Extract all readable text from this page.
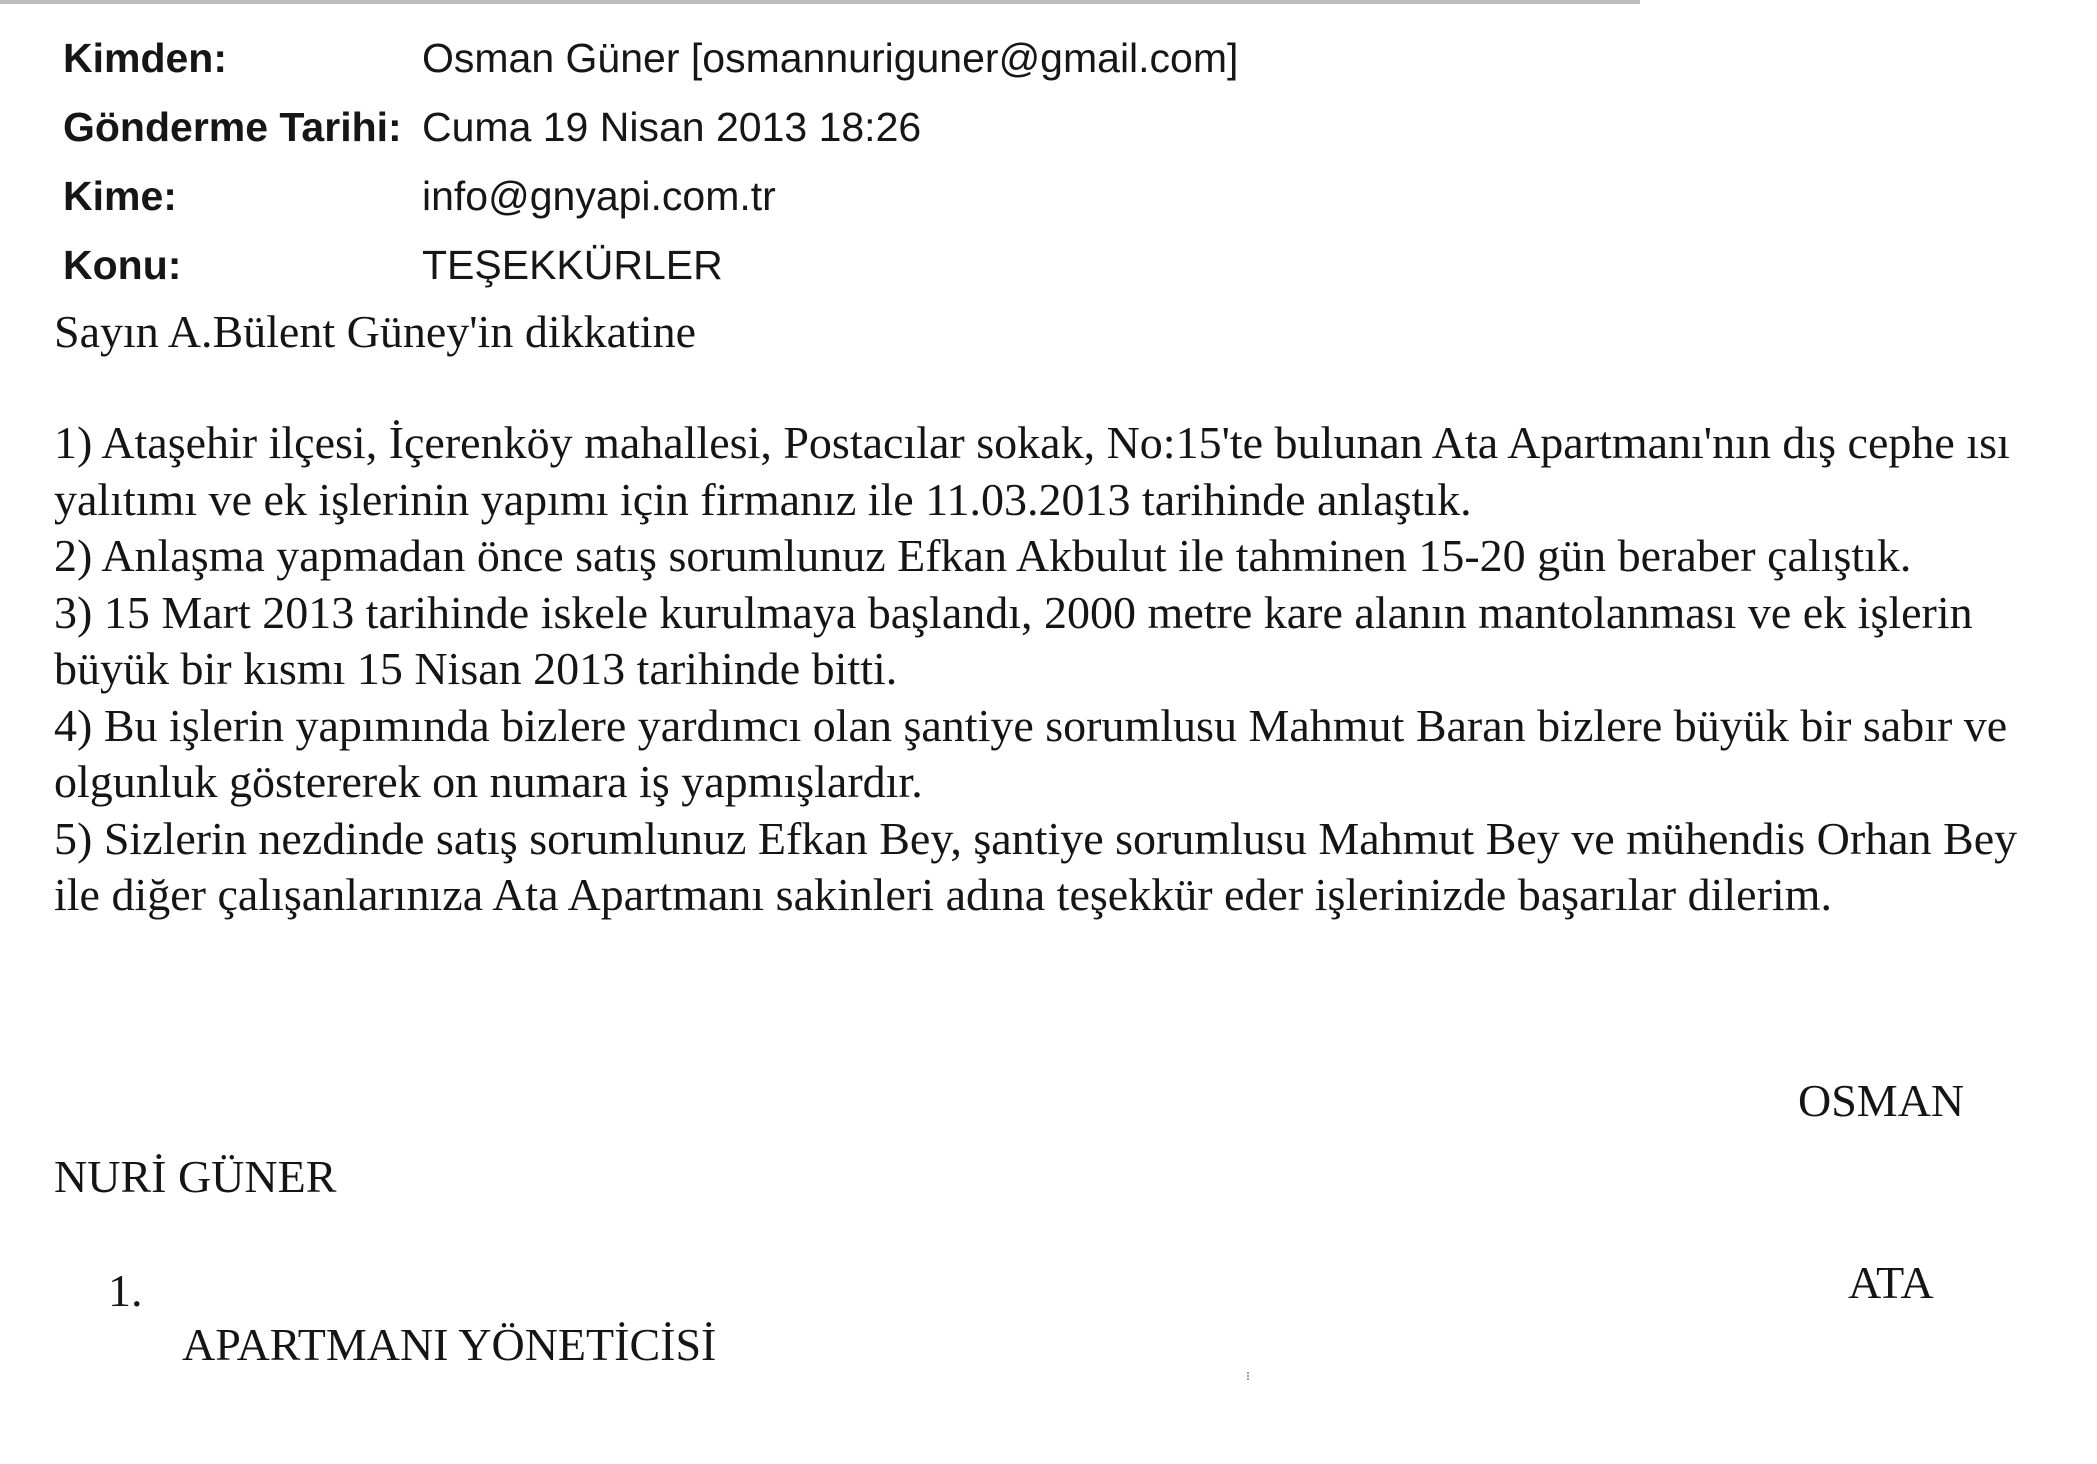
Kimden:	Osman Güner [osmannuriguner@gmail.com]
Gönderme Tarihi: Cuma 19 Nisan 2013 18:26
Kime:	info@gnyapi.com.tr
Konu:	TEŞEKKÜRLER
Sayın A.Bülent Güney'in dikkatine

1) Ataşehir ilçesi, İçerenköy mahallesi, Postacılar sokak, No:15'te bulunan Ata Apartmanı'nın dış cephe ısı yalıtımı ve ek işlerinin yapımı için firmanız ile 11.03.2013 tarihinde anlaştık.

2) Anlaşma yapmadan önce satış sorumlunuz Efkan Akbulut ile tahminen 15-20 gün beraber çalıştık.

3) 15 Mart 2013 tarihinde iskele kurulmaya başlandı, 2000 metre kare alanın mantolanması ve ek işlerin büyük bir kısmı 15 Nisan 2013 tarihinde bitti.

4) Bu işlerin yapımında bizlere yardımcı olan şantiye sorumlusu Mahmut Baran bizlere büyük bir sabır ve olgunluk göstererek on numara iş yapmışlardır.

5) Sizlerin nezdinde satış sorumlunuz Efkan Bey, şantiye sorumlusu Mahmut Bey ve mühendis Orhan Bey ile diğer çalışanlarınıza Ata Apartmanı sakinleri adına teşekkür eder işlerinizde başarılar dilerim.

OSMAN
NURİ GÜNER
1.	ATA
APARTMANI YÖNETİCİSİ
